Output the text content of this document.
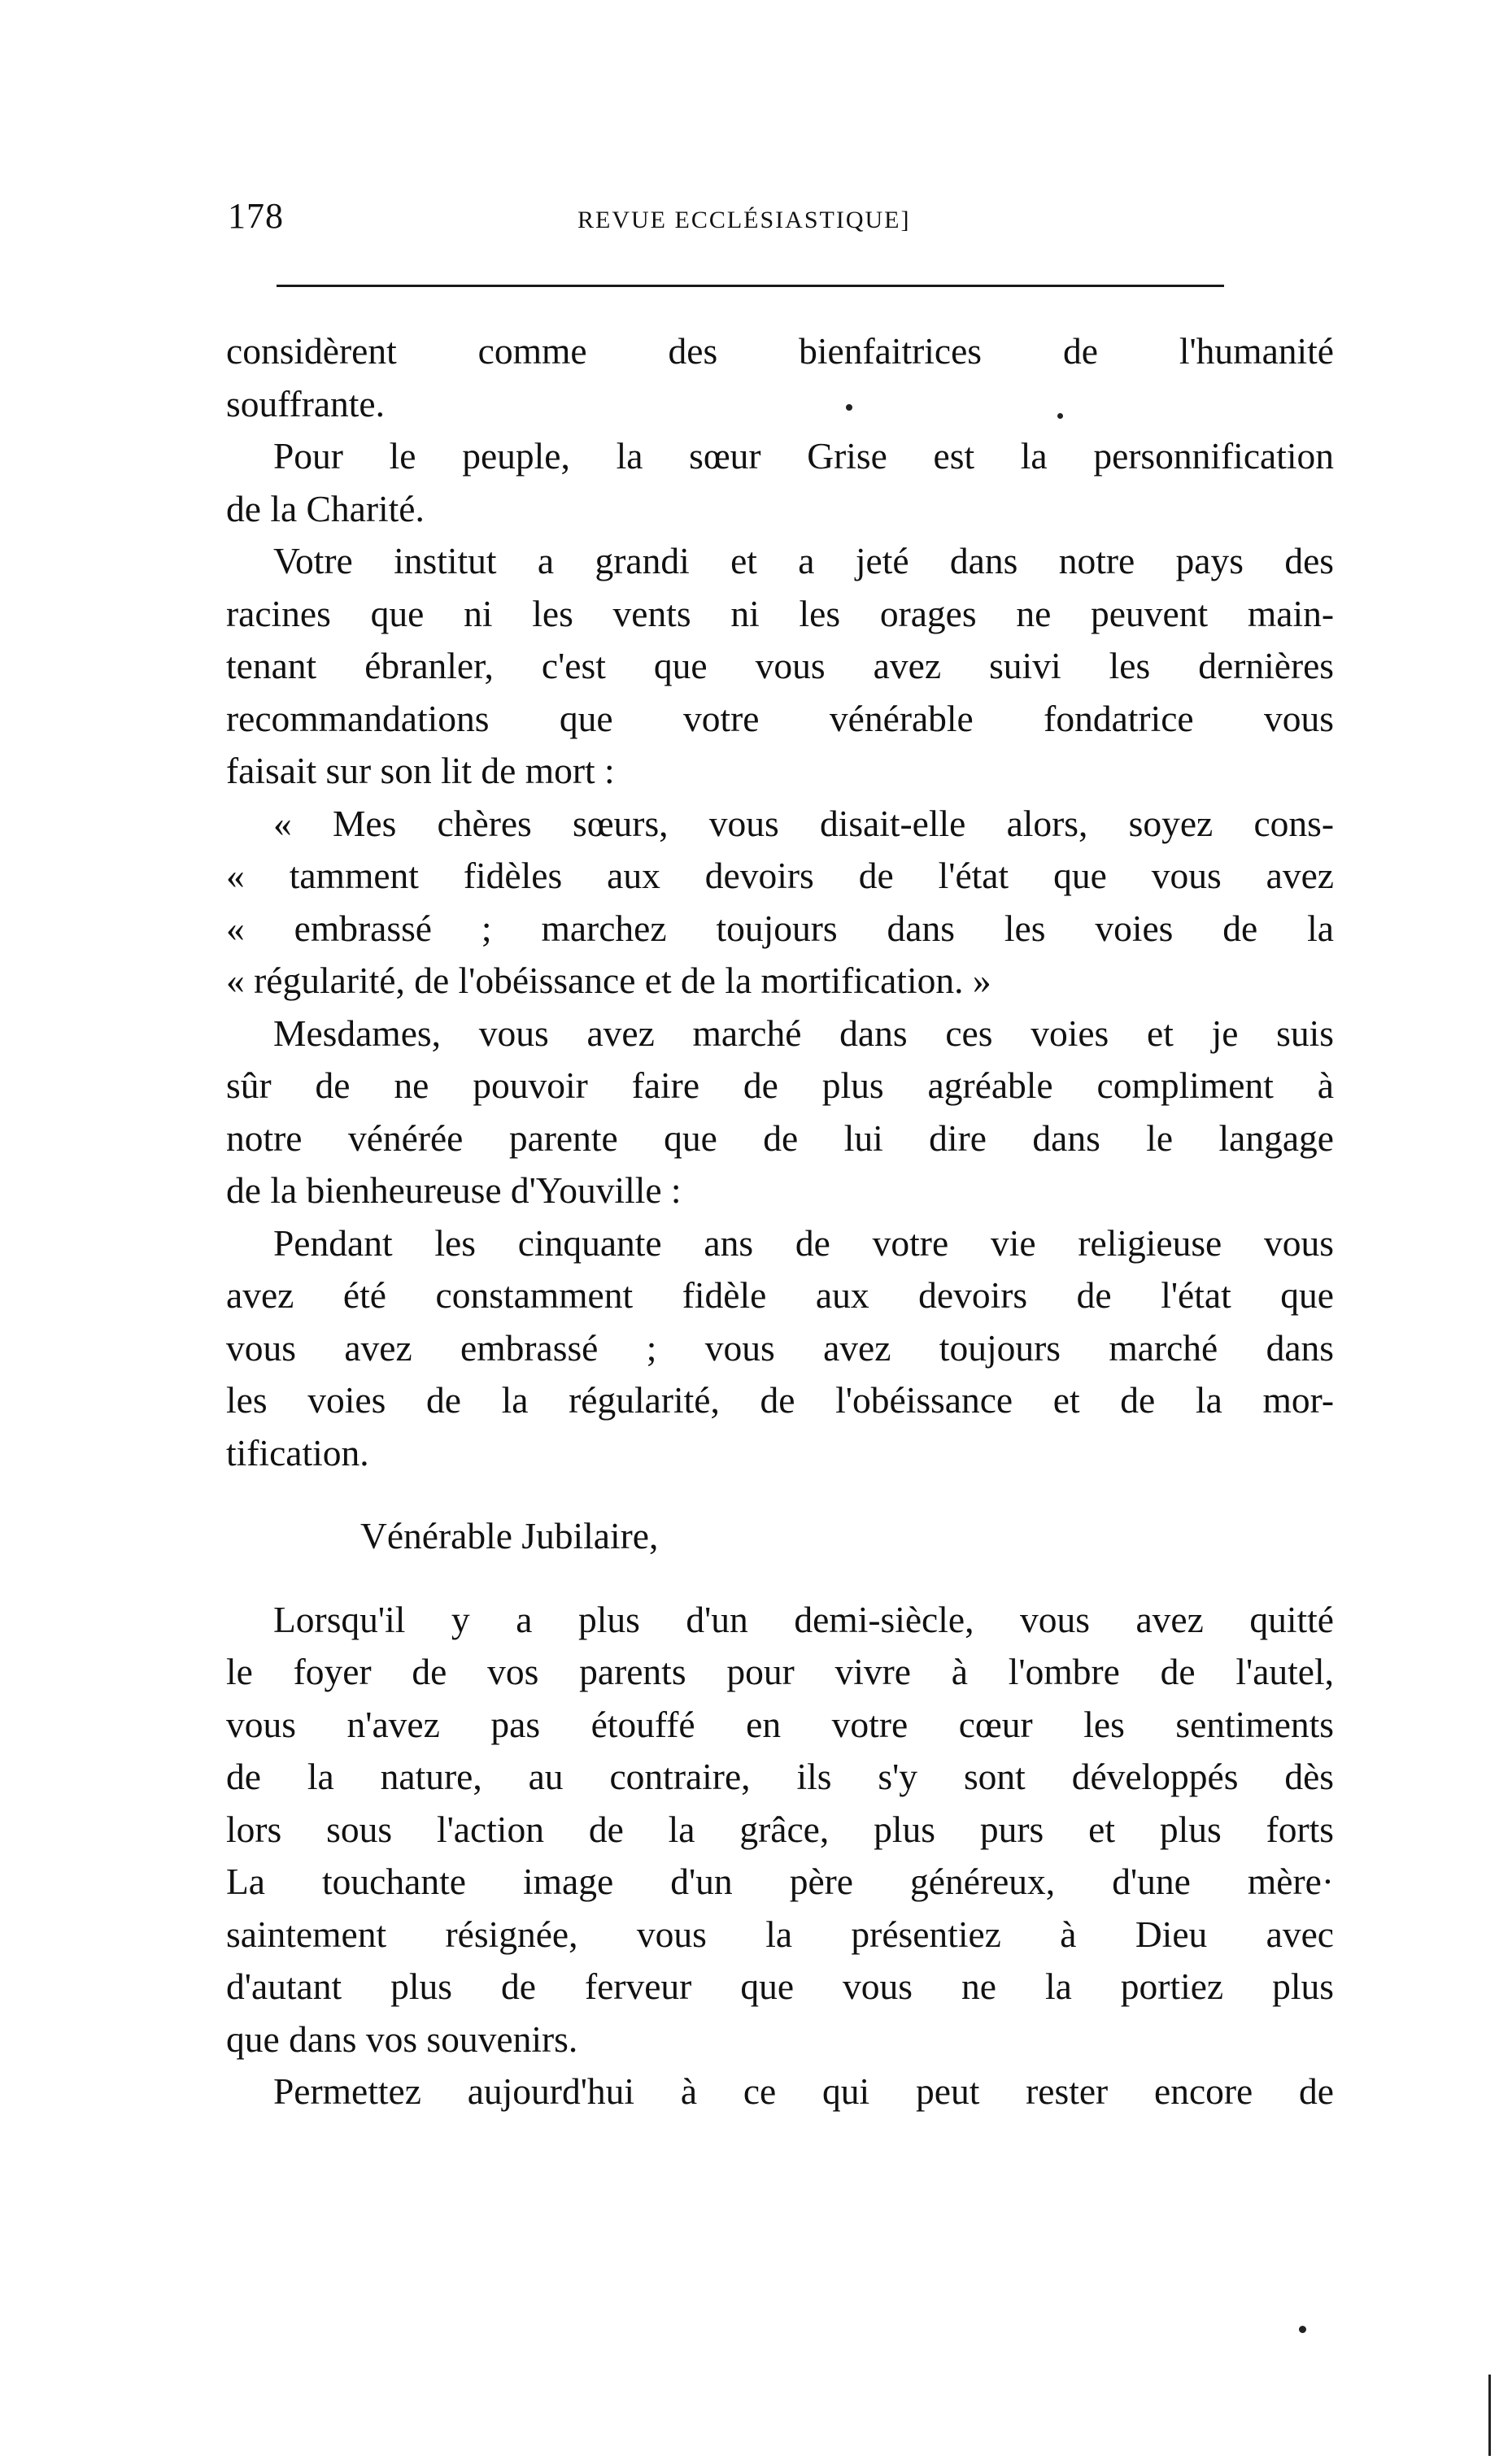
178	REVUE ECCLÉSIASTIQUE]
considèrent comme des bienfaitrices de l'humanité
souffrante.
Pour le peuple, la sœur Grise est la personnification
de la Charité.
Votre institut a grandi et a jeté dans notre pays des
racines que ni les vents ni les orages ne peuvent main-
tenant ébranler, c'est que vous avez suivi les dernières
recommandations que votre vénérable fondatrice vous
faisait sur son lit de mort :
« Mes chères sœurs, vous disait-elle alors, soyez cons-
« tamment fidèles aux devoirs de l'état que vous avez
« embrassé ; marchez toujours dans les voies de la
« régularité, de l'obéissance et de la mortification. »
Mesdames, vous avez marché dans ces voies et je suis
sûr de ne pouvoir faire de plus agréable compliment à
notre vénérée parente que de lui dire dans le langage
de la bienheureuse d'Youville :
Pendant les cinquante ans de votre vie religieuse vous
avez été constamment fidèle aux devoirs de l'état que
vous avez embrassé ; vous avez toujours marché dans
les voies de la régularité, de l'obéissance et de la mor-
tification.
Vénérable Jubilaire,
Lorsqu'il y a plus d'un demi-siècle, vous avez quitté
le foyer de vos parents pour vivre à l'ombre de l'autel,
vous n'avez pas étouffé en votre cœur les sentiments
de la nature, au contraire, ils s'y sont développés dès
lors sous l'action de la grâce, plus purs et plus forts
La touchante image d'un père généreux, d'une mère·
saintement résignée, vous la présentiez à Dieu avec
d'autant plus de ferveur que vous ne la portiez plus
que dans vos souvenirs.
Permettez aujourd'hui à ce qui peut rester encore de
